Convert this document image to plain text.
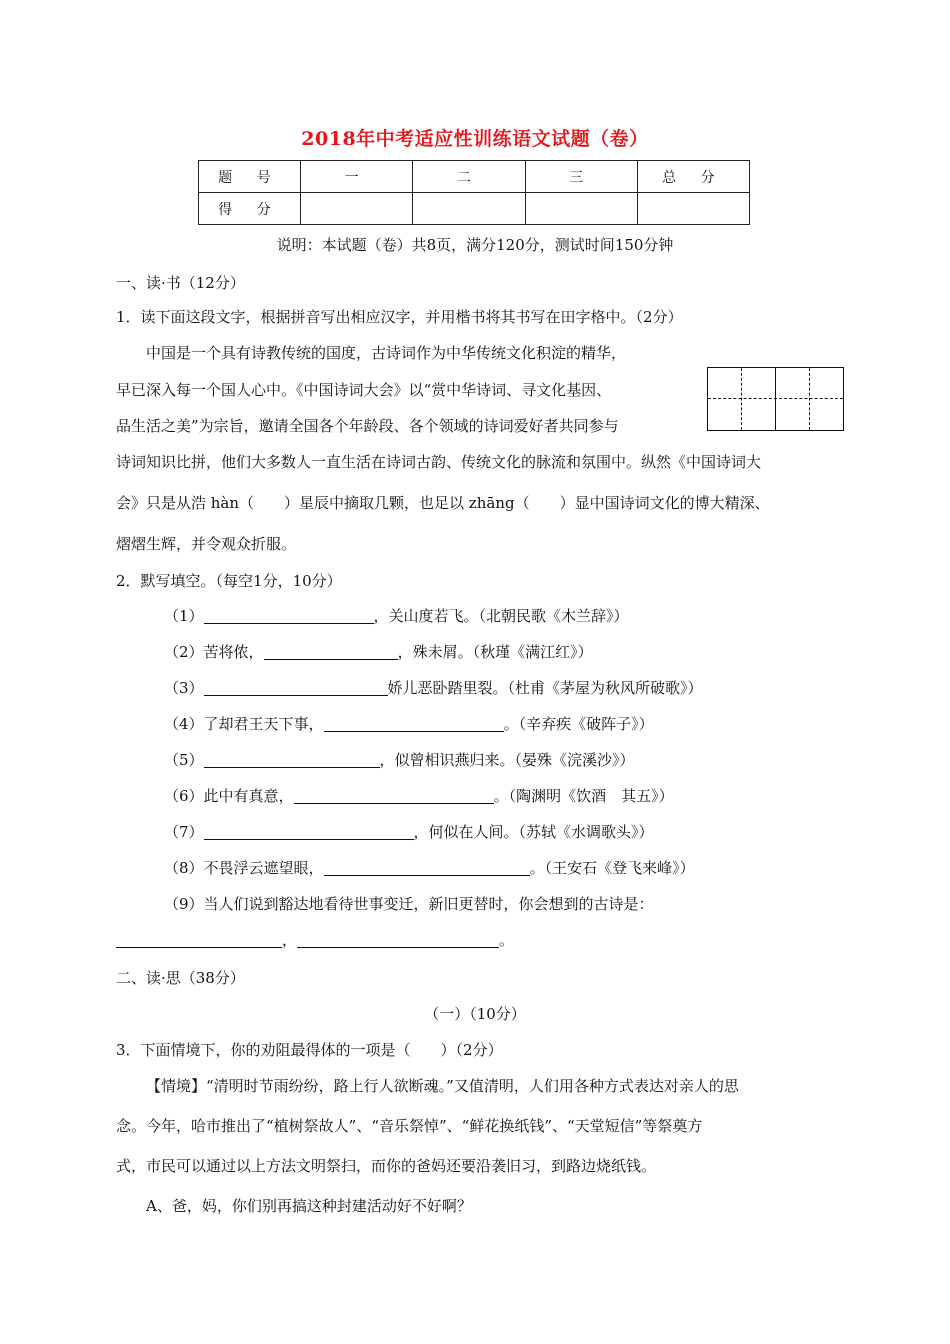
2018年中考适应性训练语文试题（卷）
题 号	一	二	三	总 分
得 分				
说明：本试题（卷）共8页，满分120分，测试时间150分钟
一、读·书（12分）
1．读下面这段文字，根据拼音写出相应汉字，并用楷书将其书写在田字格中。（2分）
中国是一个具有诗教传统的国度，古诗词作为中华传统文化积淀的精华，
早已深入每一个国人心中。《中国诗词大会》以“赏中华诗词、寻文化基因、
品生活之美”为宗旨，邀请全国各个年龄段、各个领域的诗词爱好者共同参与
诗词知识比拼，他们大多数人一直生活在诗词古韵、传统文化的脉流和氛围中。纵然《中国诗词大
会》只是从浩 hàn（　　）星辰中摘取几颗，也足以 zhāng（　　）显中国诗词文化的博大精深、
熠熠生辉，并令观众折服。
2．默写填空。（每空1分，10分）
（1）	，关山度若飞。（北朝民歌《木兰辞》）
（2）苦将侬，	，殊未屑。（秋瑾《满江红》）
（3）	娇儿恶卧踏里裂。（杜甫《茅屋为秋风所破歌》）
（4）了却君王天下事，	。（辛弃疾《破阵子》）
（5）	，似曾相识燕归来。（晏殊《浣溪沙》）
（6）此中有真意，	。（陶渊明《饮酒　其五》）
（7）	，何似在人间。（苏轼《水调歌头》）
（8）不畏浮云遮望眼，	。（王安石《登飞来峰》）
（9）当人们说到豁达地看待世事变迁，新旧更替时，你会想到的古诗是：
，	。
二、读·思（38分）
（一）（10分）
3．下面情境下，你的劝阻最得体的一项是（　　）（2分）
【情境】“清明时节雨纷纷，路上行人欲断魂。”又值清明，人们用各种方式表达对亲人的思
念。今年，哈市推出了“植树祭故人”、“音乐祭悼”、“鲜花换纸钱”、“天堂短信”等祭奠方
式，市民可以通过以上方法文明祭扫，而你的爸妈还要沿袭旧习，到路边烧纸钱。
A、爸，妈，你们别再搞这种封建活动好不好啊？
